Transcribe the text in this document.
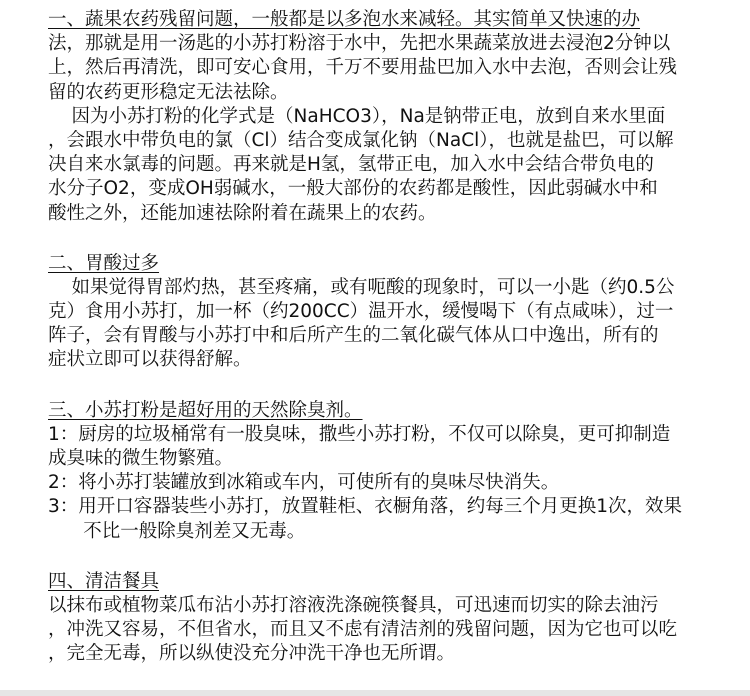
一、蔬果农药残留问题，一般都是以多泡水来减轻。其实简单又快速的办
法，那就是用一汤匙的小苏打粉溶于水中，先把水果蔬菜放进去浸泡2分钟以
上，然后再清洗，即可安心食用，千万不要用盐巴加入水中去泡，否则会让残
留的农药更形稳定无法祛除。
因为小苏打粉的化学式是（NaHCO3），Na是钠带正电，放到自来水里面
，会跟水中带负电的氯（Cl）结合变成氯化钠（NaCl），也就是盐巴，可以解
决自来水氯毒的问题。再来就是H氢，氢带正电，加入水中会结合带负电的
水分子O2，变成OH弱碱水，一般大部份的农药都是酸性，因此弱碱水中和
酸性之外，还能加速祛除附着在蔬果上的农药。
二、胃酸过多
如果觉得胃部灼热，甚至疼痛，或有呃酸的现象时，可以一小匙（约0.5公
克）食用小苏打，加一杯（约200CC）温开水，缓慢喝下（有点咸味），过一
阵子，会有胃酸与小苏打中和后所产生的二氧化碳气体从口中逸出，所有的
症状立即可以获得舒解。
三、小苏打粉是超好用的天然除臭剂。
1：厨房的垃圾桶常有一股臭味，撒些小苏打粉，不仅可以除臭，更可抑制造
成臭味的微生物繁殖。
2：将小苏打装罐放到冰箱或车内，可使所有的臭味尽快消失。
3：用开口容器装些小苏打，放置鞋柜、衣橱角落，约每三个月更换1次，效果
不比一般除臭剂差又无毒。
四、清洁餐具
以抹布或植物菜瓜布沾小苏打溶液洗涤碗筷餐具，可迅速而切实的除去油污
，冲洗又容易，不但省水，而且又不虑有清洁剂的残留问题，因为它也可以吃
，完全无毒，所以纵使没充分冲洗干净也无所谓。
